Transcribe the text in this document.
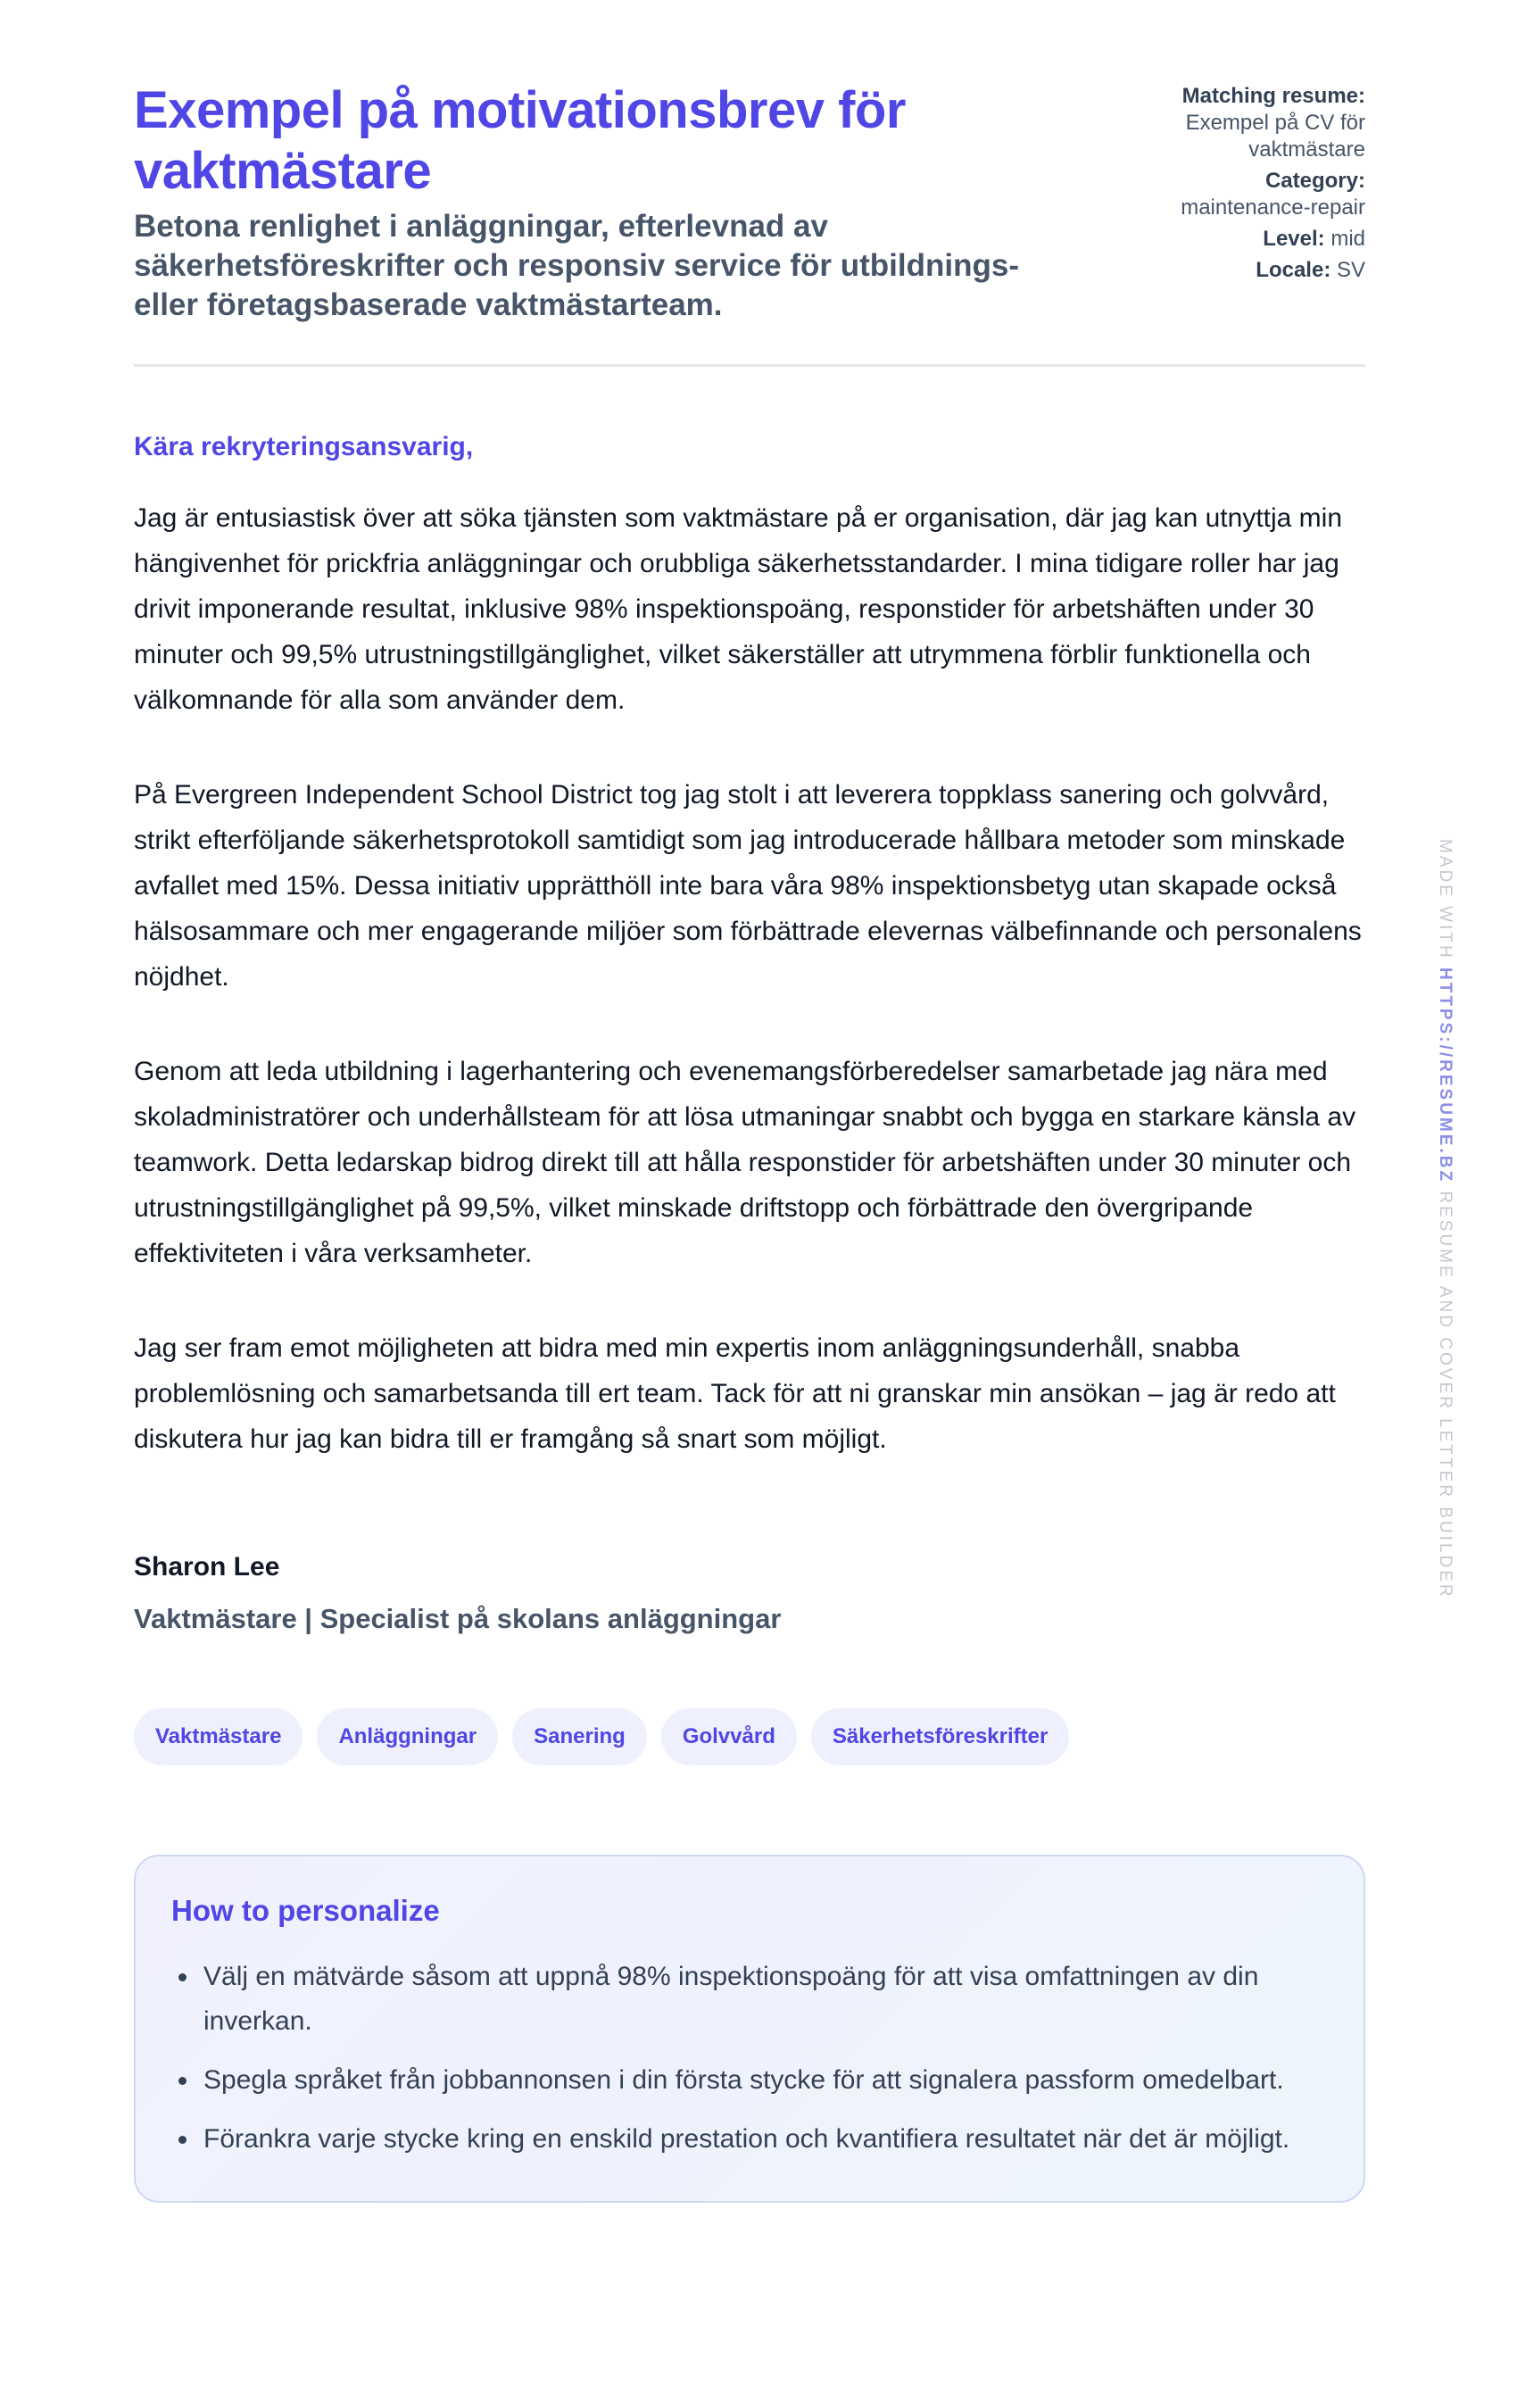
Exempel på motivationsbrev för vaktmästare

Betona renlighet i anläggningar, efterlevnad av säkerhetsföreskrifter och responsiv service för utbildnings- eller företagsbaserade vaktmästarteam.

Matching resume:
Exempel på CV för vaktmästare
Category:
maintenance-repair
Level: mid
Locale: SV

Kära rekryteringsansvarig,

Jag är entusiastisk över att söka tjänsten som vaktmästare på er organisation, där jag kan utnyttja min hängivenhet för prickfria anläggningar och orubbliga säkerhetsstandarder. I mina tidigare roller har jag drivit imponerande resultat, inklusive 98% inspektionspoäng, responstider för arbetshäften under 30 minuter och 99,5% utrustningstillgänglighet, vilket säkerställer att utrymmena förblir funktionella och välkomnande för alla som använder dem.

På Evergreen Independent School District tog jag stolt i att leverera toppklass sanering och golvvård, strikt efterföljande säkerhetsprotokoll samtidigt som jag introducerade hållbara metoder som minskade avfallet med 15%. Dessa initiativ upprätthöll inte bara våra 98% inspektionsbetyg utan skapade också hälsosammare och mer engagerande miljöer som förbättrade elevernas välbefinnande och personalens nöjdhet.

Genom att leda utbildning i lagerhantering och evenemangsförberedelser samarbetade jag nära med skoladministratörer och underhållsteam för att lösa utmaningar snabbt och bygga en starkare känsla av teamwork. Detta ledarskap bidrog direkt till att hålla responstider för arbetshäften under 30 minuter och utrustningstillgänglighet på 99,5%, vilket minskade driftstopp och förbättrade den övergripande effektiviteten i våra verksamheter.

Jag ser fram emot möjligheten att bidra med min expertis inom anläggningsunderhåll, snabba problemlösning och samarbetsanda till ert team. Tack för att ni granskar min ansökan – jag är redo att diskutera hur jag kan bidra till er framgång så snart som möjligt.

Sharon Lee

Vaktmästare | Specialist på skolans anläggningar

Vaktmästare	Anläggningar	Sanering	Golvvård	Säkerhetsföreskrifter
How to personalize
Välj en mätvärde såsom att uppnå 98% inspektionspoäng för att visa omfattningen av din inverkan.
Spegla språket från jobbannonsen i din första stycke för att signalera passform omedelbart.
Förankra varje stycke kring en enskild prestation och kvantifiera resultatet när det är möjligt.
MADE WITH HTTPS://RESUME.BZ RESUME AND COVER LETTER BUILDER
